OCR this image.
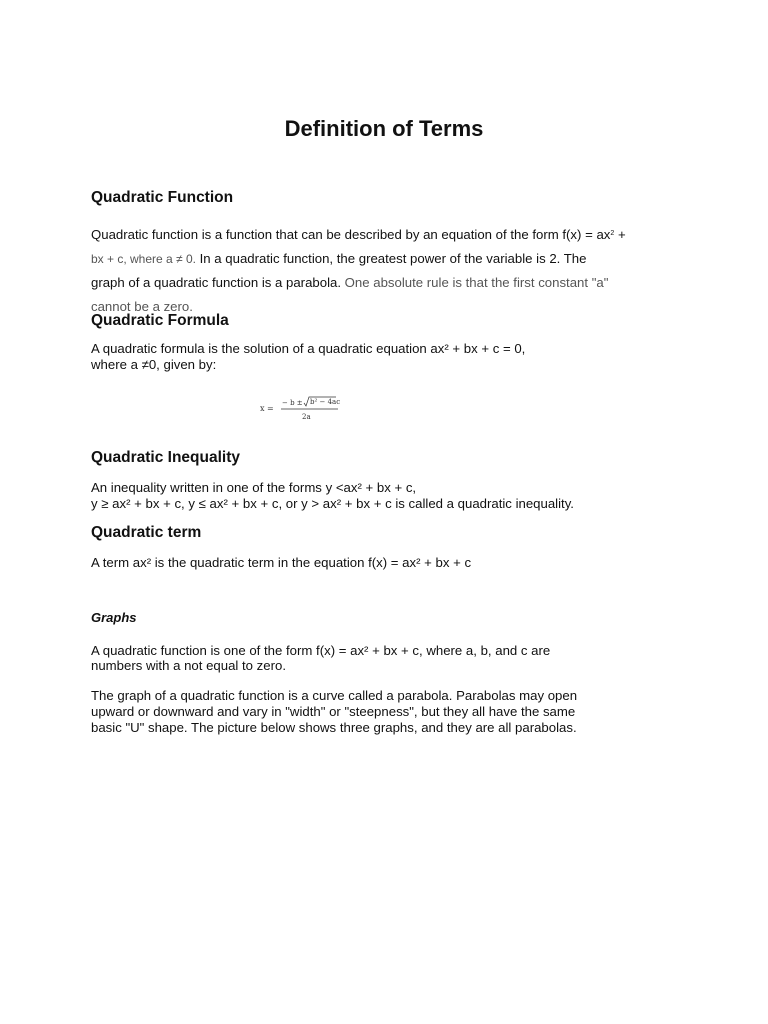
Definition of Terms
Quadratic Function
Quadratic function is a function that can be described by an equation of the form $f(x) = ax^2$ +
bx + c, where a ≠ 0. In a quadratic function, the greatest power of the variable is 2. The
graph of a quadratic function is a parabola. One absolute rule is that the first constant "a"
cannot be a zero.
Quadratic Formula
A quadratic formula is the solution of a quadratic equation ax² + bx + c = 0,
where a ≠0, given by:
x =
− b ± b² − 4ac
2a
Quadratic Inequality
An inequality written in one of the forms y <ax² + bx + c,
y ≥ ax² + bx + c, y ≤ ax² + bx + c, or y > ax² + bx + c is called a quadratic inequality.
Quadratic term
A term ax² is the quadratic term in the equation f(x) = ax² + bx + c
Graphs
A quadratic function is one of the form f(x) = ax² + bx + c, where a, b, and c are
numbers with a not equal to zero.
The graph of a quadratic function is a curve called a parabola. Parabolas may open
upward or downward and vary in "width" or "steepness", but they all have the same
basic "U" shape. The picture below shows three graphs, and they are all parabolas.
